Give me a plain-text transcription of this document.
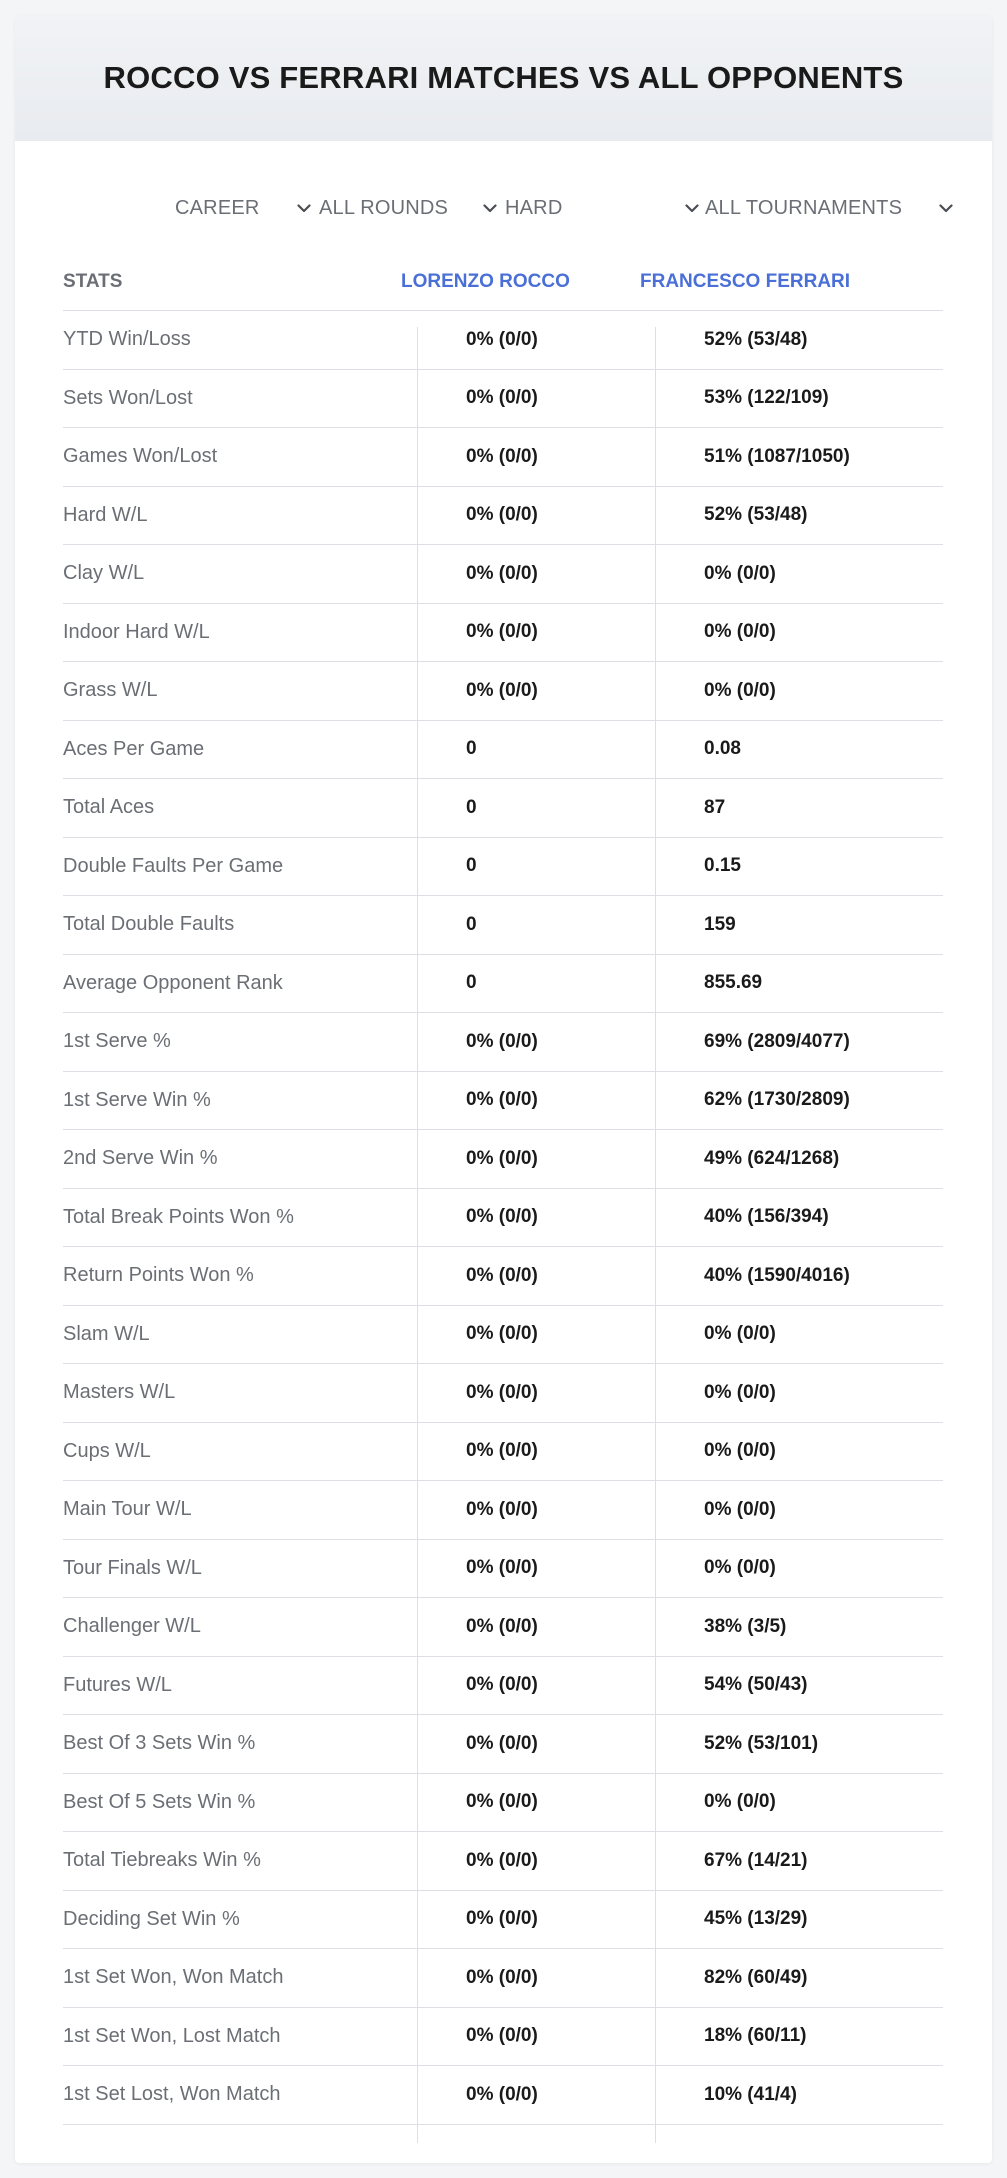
ROCCO VS FERRARI MATCHES VS ALL OPPONENTS
CAREER	ALL ROUNDS	HARD	ALL TOURNAMENTS
STATS	LORENZO ROCCO	FRANCESCO FERRARI
YTD Win/Loss	0% (0/0)	52% (53/48)
Sets Won/Lost	0% (0/0)	53% (122/109)
Games Won/Lost	0% (0/0)	51% (1087/1050)
Hard W/L	0% (0/0)	52% (53/48)
Clay W/L	0% (0/0)	0% (0/0)
Indoor Hard W/L	0% (0/0)	0% (0/0)
Grass W/L	0% (0/0)	0% (0/0)
Aces Per Game	0	0.08
Total Aces	0	87
Double Faults Per Game	0	0.15
Total Double Faults	0	159
Average Opponent Rank	0	855.69
1st Serve %	0% (0/0)	69% (2809/4077)
1st Serve Win %	0% (0/0)	62% (1730/2809)
2nd Serve Win %	0% (0/0)	49% (624/1268)
Total Break Points Won %	0% (0/0)	40% (156/394)
Return Points Won %	0% (0/0)	40% (1590/4016)
Slam W/L	0% (0/0)	0% (0/0)
Masters W/L	0% (0/0)	0% (0/0)
Cups W/L	0% (0/0)	0% (0/0)
Main Tour W/L	0% (0/0)	0% (0/0)
Tour Finals W/L	0% (0/0)	0% (0/0)
Challenger W/L	0% (0/0)	38% (3/5)
Futures W/L	0% (0/0)	54% (50/43)
Best Of 3 Sets Win %	0% (0/0)	52% (53/101)
Best Of 5 Sets Win %	0% (0/0)	0% (0/0)
Total Tiebreaks Win %	0% (0/0)	67% (14/21)
Deciding Set Win %	0% (0/0)	45% (13/29)
1st Set Won, Won Match	0% (0/0)	82% (60/49)
1st Set Won, Lost Match	0% (0/0)	18% (60/11)
1st Set Lost, Won Match	0% (0/0)	10% (41/4)
